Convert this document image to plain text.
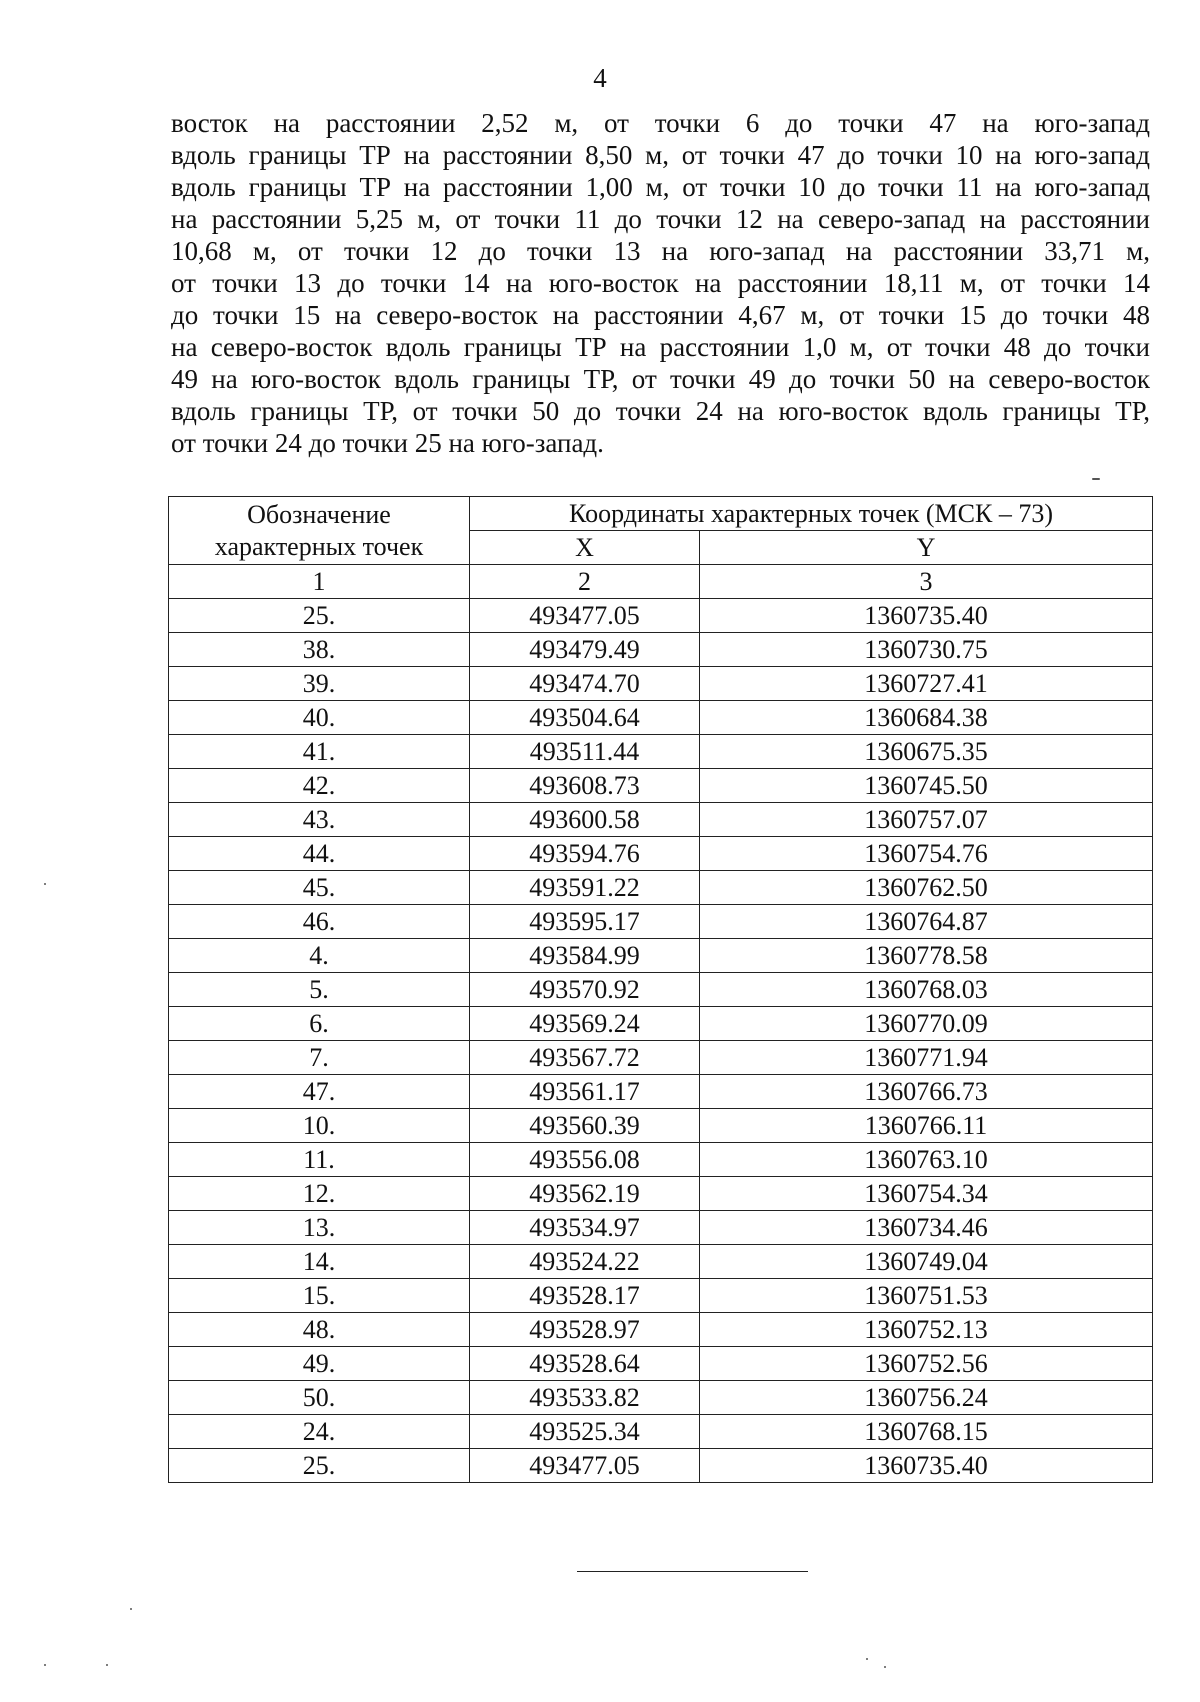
4
восток на расстоянии 2,52 м, от точки 6 до точки 47 на юго-запад
вдоль границы ТР на расстоянии 8,50 м, от точки 47 до точки 10 на юго-запад
вдоль границы ТР на расстоянии 1,00 м, от точки 10 до точки 11 на юго-запад
на расстоянии 5,25 м, от точки 11 до точки 12 на северо-запад на расстоянии
10,68 м, от точки 12 до точки 13 на юго-запад на расстоянии 33,71 м,
от точки 13 до точки 14 на юго-восток на расстоянии 18,11 м, от точки 14
до точки 15 на северо-восток на расстоянии 4,67 м, от точки 15 до точки 48
на северо-восток вдоль границы ТР на расстоянии 1,0 м, от точки 48 до точки
49 на юго-восток вдоль границы ТР, от точки 49 до точки 50 на северо-восток
вдоль границы ТР, от точки 50 до точки 24 на юго-восток вдоль границы ТР,
от точки 24 до точки 25 на юго-запад.
Обозначение характерных точек	Координаты характерных точек (МСК – 73)	
	X	Y
1	2	3
25.	493477.05	1360735.40
38.	493479.49	1360730.75
39.	493474.70	1360727.41
40.	493504.64	1360684.38
41.	493511.44	1360675.35
42.	493608.73	1360745.50
43.	493600.58	1360757.07
44.	493594.76	1360754.76
45.	493591.22	1360762.50
46.	493595.17	1360764.87
4.	493584.99	1360778.58
5.	493570.92	1360768.03
6.	493569.24	1360770.09
7.	493567.72	1360771.94
47.	493561.17	1360766.73
10.	493560.39	1360766.11
11.	493556.08	1360763.10
12.	493562.19	1360754.34
13.	493534.97	1360734.46
14.	493524.22	1360749.04
15.	493528.17	1360751.53
48.	493528.97	1360752.13
49.	493528.64	1360752.56
50.	493533.82	1360756.24
24.	493525.34	1360768.15
25.	493477.05	1360735.40
